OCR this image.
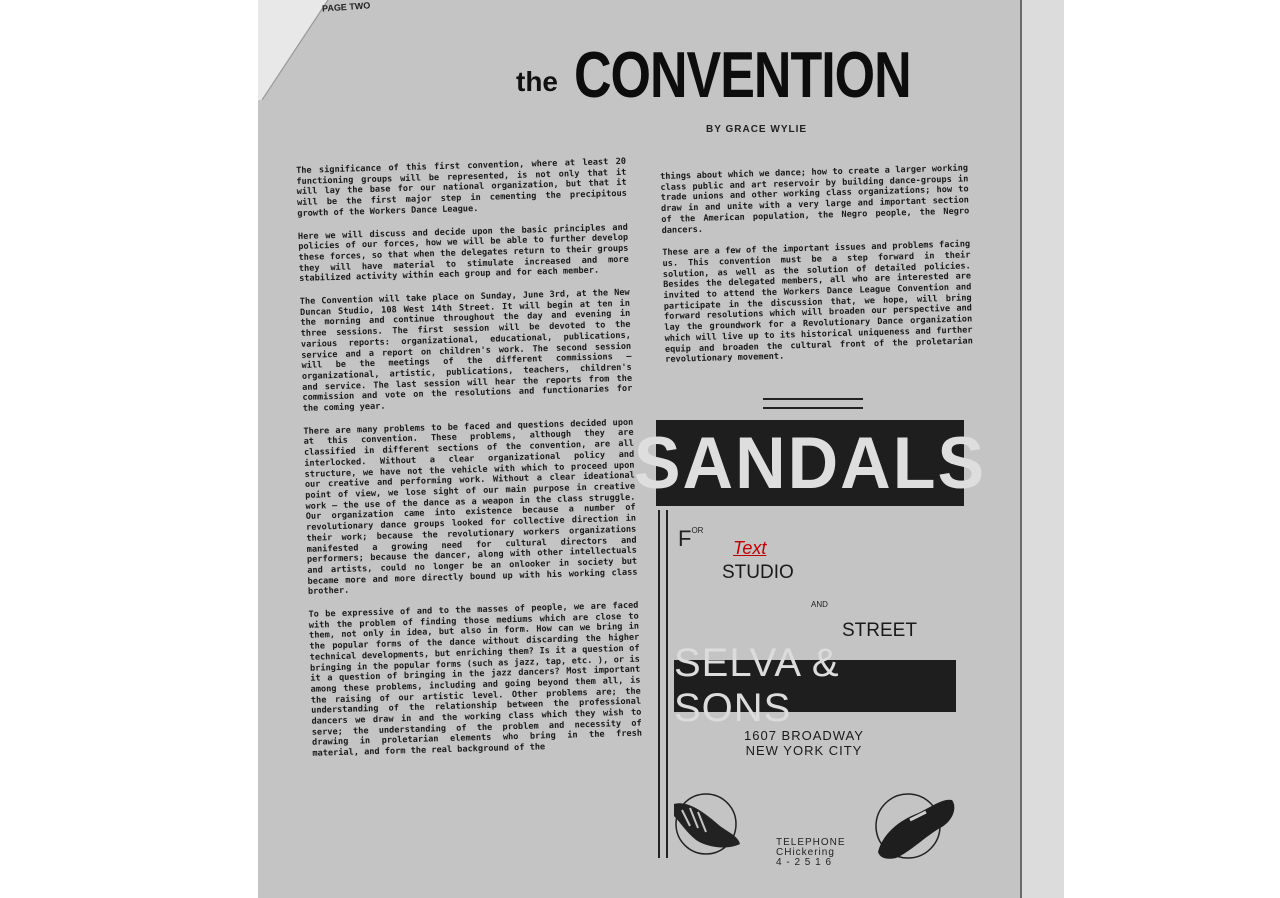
PAGE TWO
the CONVENTION
BY GRACE WYLIE

The significance of this first convention, where at least 20 functioning groups will be represented, is not only that it will lay the base for our national organization, but that it will be the first major step in cementing the precipitous growth of the Workers Dance League.

Here we will discuss and decide upon the basic principles and policies of our forces, how we will be able to further develop these forces, so that when the delegates return to their groups they will have material to stimulate increased and more stabilized activity within each group and for each member.

The Convention will take place on Sunday, June 3rd, at the New Duncan Studio, 108 West 14th Street. It will begin at ten in the morning and continue throughout the day and evening in three sessions. The first session will be devoted to the various reports: organizational, educational, publications, service and a report on children's work. The second session will be the meetings of the different commissions — organizational, artistic, publications, teachers, children's and service. The last session will hear the reports from the commission and vote on the resolutions and functionaries for the coming year.

There are many problems to be faced and questions decided upon at this convention. These problems, although they are classified in different sections of the convention, are all interlocked. Without a clear organizational policy and structure, we have not the vehicle with which to proceed upon our creative and performing work. Without a clear ideational point of view, we lose sight of our main purpose in creative work — the use of the dance as a weapon in the class struggle. Our organization came into existence because a number of revolutionary dance groups looked for collective direction in their work; because the revolutionary workers organizations manifested a growing need for cultural directors and performers; because the dancer, along with other intellectuals and artists, could no longer be an onlooker in society but became more and more directly bound up with his working class brother.

To be expressive of and to the masses of people, we are faced with the problem of finding those mediums which are close to them, not only in idea, but also in form. How can we bring in the popular forms of the dance without discarding the higher technical developments, but enriching them? Is it a question of bringing in the popular forms (such as jazz, tap, etc. ), or is it a question of bringing in the jazz dancers? Most important among these problems, including and going beyond them all, is the raising of our artistic level. Other problems are; the understanding of the relationship between the professional dancers we draw in and the working class which they wish to serve; the understanding of the problem and necessity of drawing in proletarian elements who bring in the fresh material, and form the real background of the

things about which we dance; how to create a larger working class public and art reservoir by building dance-groups in trade unions and other working class organizations; how to draw in and unite with a very large and important section of the American population, the Negro people, the Negro dancers.

These are a few of the important issues and problems facing us. This convention must be a step forward in their solution, as well as the solution of detailed policies. Besides the delegated members, all who are interested are invited to attend the Workers Dance League Convention and participate in the discussion that, we hope, will bring forward resolutions which will broaden our perspective and lay the groundwork for a Revolutionary Dance organization which will live up to its historical uniqueness and further equip and broaden the cultural front of the proletarian revolutionary movement.

SANDALS
$F^{OR}$
Text
STUDIO
AND
STREET
SELVA & SONS
1607 BROADWAY
NEW YORK CITY
TELEPHONE
CHickering
4 - 2 5 1 6
